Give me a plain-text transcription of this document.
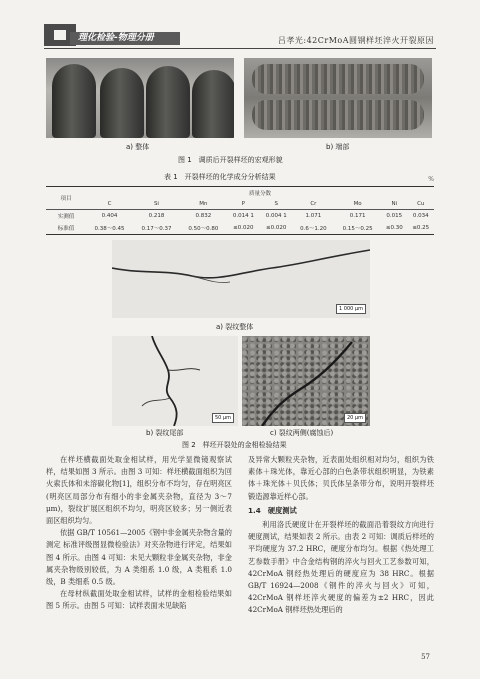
理化检验-物理分册	吕孝光:42CrMoA圆钢样坯淬火开裂原因
a) 整体	b) 端部
图 1　调质后开裂样坯的宏观形貌
表 1　开裂样坯的化学成分分析结果	%
项目	质量分数								
	C	Si	Mn	P	S	Cr	Mo	Ni	Cu
实测值	0.404	0.218	0.832	0.014 1	0.004 1	1.071	0.171	0.015	0.034
标准值	0.38～0.45	0.17～0.37	0.50～0.80	≤0.020	≤0.020	0.6～1.20	0.15～0.25	≤0.30	≤0.25
1 000 μm
a) 裂纹整体
50 μm	20 μm
b) 裂纹尾部	c) 裂纹两侧(腐蚀后)
图 2　样坯开裂处的金相检验结果

在样坯横截面处取金相试样，用光学显微镜观察试样，结果如图 3 所示。由图 3 可知：样坯横截面组织为回火索氏体和未溶碳化物[1]，组织分布不均匀，存在明亮区(明亮区局部分布有细小的非金属夹杂物，直径为 3～7 μm)，裂纹扩展区组织不均匀，明亮区较多；另一侧近表面区组织均匀。

依据 GB/T 10561—2005《钢中非金属夹杂物含量的测定 标准评级图显微检验法》对夹杂物进行评定，结果如图 4 所示。由图 4 可知：未见大颗粒非金属夹杂物，非金属夹杂物级别较低，为 A 类细系 1.0 级，A 类粗系 1.0 级，B 类细系 0.5 级。

在母材纵截面处取金相试样，试样的金相检验结果如图 5 所示。由图 5 可知：试样表面未见缺陷

及异常大颗粒夹杂物，近表面处组织相对均匀，组织为铁素体＋珠光体，靠近心部的白色条带状组织明显，为铁素体＋珠光体＋贝氏体；贝氏体呈条带分布，说明开裂样坯锻造源靠近样心部。

1.4　硬度测试

利用洛氏硬度计在开裂样坯的截面沿着裂纹方向进行硬度测试，结果如表 2 所示。由表 2 可知：调质后样坯的平均硬度为 37.2 HRC，硬度分布均匀。根据《热处理工艺参数手册》中合金结构钢的淬火与回火工艺参数可知，42CrMoA 钢经热处理后的硬度应为 38 HRC。根据 GB/T 16924—2008《钢件的淬火与回火》可知，42CrMoA 钢样坯淬火硬度的偏差为±2 HRC，因此 42CrMoA 钢样坯热处理后的

57
